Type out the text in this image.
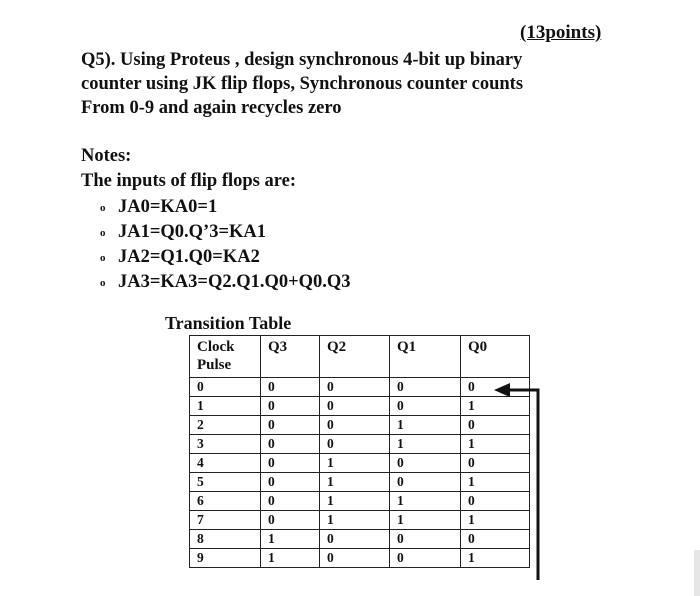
(13points)
Q5). Using Proteus , design synchronous 4-bit up binary
counter using JK flip flops, Synchronous counter counts
From 0-9 and again recycles zero
Notes:
The inputs of flip flops are:
o JA0=KA0=1
o JA1=Q0.Q’3=KA1
o JA2=Q1.Q0=KA2
o JA3=KA3=Q2.Q1.Q0+Q0.Q3
Transition Table
Clock
Pulse	Q3	Q2	Q1	Q0
0	0	0	0	0
1	0	0	0	1
2	0	0	1	0
3	0	0	1	1
4	0	1	0	0
5	0	1	0	1
6	0	1	1	0
7	0	1	1	1
8	1	0	0	0
9	1	0	0	1
